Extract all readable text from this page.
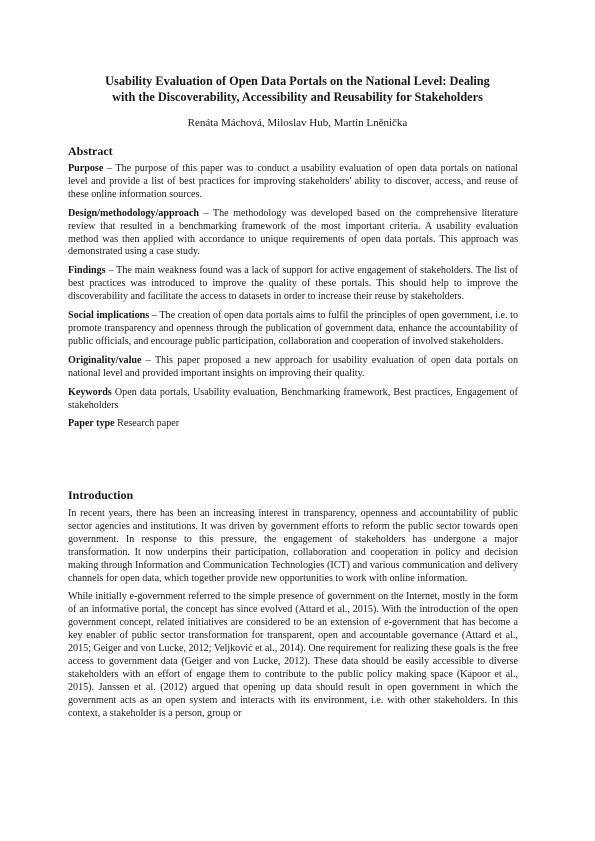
Usability Evaluation of Open Data Portals on the National Level: Dealing
with the Discoverability, Accessibility and Reusability for Stakeholders

Renáta Máchová, Miloslav Hub, Martin Lněnička

Abstract

Purpose – The purpose of this paper was to conduct a usability evaluation of open data portals on national level and provide a list of best practices for improving stakeholders' ability to discover, access, and reuse of these online information sources.

Design/methodology/approach – The methodology was developed based on the comprehensive literature review that resulted in a benchmarking framework of the most important criteria. A usability evaluation method was then applied with accordance to unique requirements of open data portals. This approach was demonstrated using a case study.

Findings – The main weakness found was a lack of support for active engagement of stakeholders. The list of best practices was introduced to improve the quality of these portals. This should help to improve the discoverability and facilitate the access to datasets in order to increase their reuse by stakeholders.

Social implications – The creation of open data portals aims to fulfil the principles of open government, i.e. to promote transparency and openness through the publication of government data, enhance the accountability of public officials, and encourage public participation, collaboration and cooperation of involved stakeholders.

Originality/value – This paper proposed a new approach for usability evaluation of open data portals on national level and provided important insights on improving their quality.

Keywords Open data portals, Usability evaluation, Benchmarking framework, Best practices, Engagement of stakeholders

Paper type Research paper

Introduction

In recent years, there has been an increasing interest in transparency, openness and accountability of public sector agencies and institutions. It was driven by government efforts to reform the public sector towards open government. In response to this pressure, the engagement of stakeholders has undergone a major transformation. It now underpins their participation, collaboration and cooperation in policy and decision making through Information and Communication Technologies (ICT) and various communication and delivery channels for open data, which together provide new opportunities to work with online information.

While initially e-government referred to the simple presence of government on the Internet, mostly in the form of an informative portal, the concept has since evolved (Attard et al., 2015). With the introduction of the open government concept, related initiatives are considered to be an extension of e-government that has become a key enabler of public sector transformation for transparent, open and accountable governance (Attard et al., 2015; Geiger and von Lucke, 2012; Veljković et al., 2014). One requirement for realizing these goals is the free access to government data (Geiger and von Lucke, 2012). These data should be easily accessible to diverse stakeholders with an effort of engage them to contribute to the public policy making space (Kapoor et al., 2015). Janssen et al. (2012) argued that opening up data should result in open government in which the government acts as an open system and interacts with its environment, i.e. with other stakeholders. In this context, a stakeholder is a person, group or
